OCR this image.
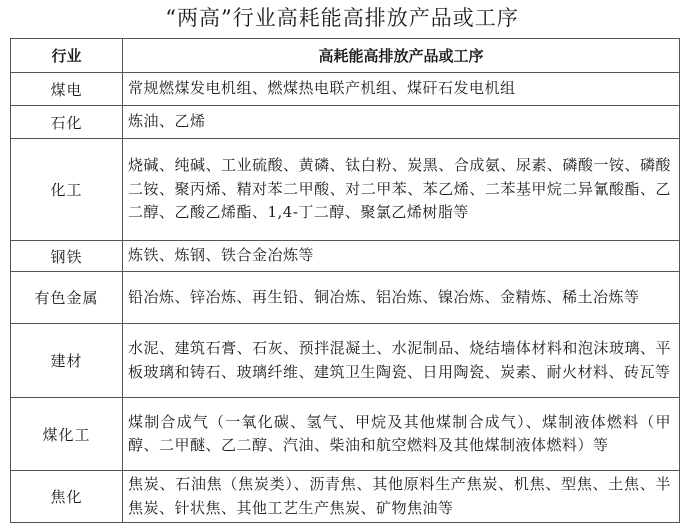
“两高”行业高耗能高排放产品或工序
行业	高耗能高排放产品或工序
煤电	常规燃煤发电机组、燃煤热电联产机组、煤矸石发电机组
石化	炼油、乙烯
化工	烧碱、纯碱、工业硫酸、黄磷、钛白粉、炭黑、合成氨、尿素、磷酸一铵、磷酸二铵、聚丙烯、精对苯二甲酸、对二甲苯、苯乙烯、二苯基甲烷二异氰酸酯、乙二醇、乙酸乙烯酯、1,4-丁二醇、聚氯乙烯树脂等
钢铁	炼铁、炼钢、铁合金冶炼等
有色金属	铅冶炼、锌冶炼、再生铅、铜冶炼、铝冶炼、镍冶炼、金精炼、稀土冶炼等
建材	水泥、建筑石膏、石灰、预拌混凝土、水泥制品、烧结墙体材料和泡沫玻璃、平板玻璃和铸石、玻璃纤维、建筑卫生陶瓷、日用陶瓷、炭素、耐火材料、砖瓦等
煤化工	煤制合成气（一氧化碳、氢气、甲烷及其他煤制合成气）、煤制液体燃料（甲醇、二甲醚、乙二醇、汽油、柴油和航空燃料及其他煤制液体燃料）等
焦化	焦炭、石油焦（焦炭类）、沥青焦、其他原料生产焦炭、机焦、型焦、土焦、半焦炭、针状焦、其他工艺生产焦炭、矿物焦油等
